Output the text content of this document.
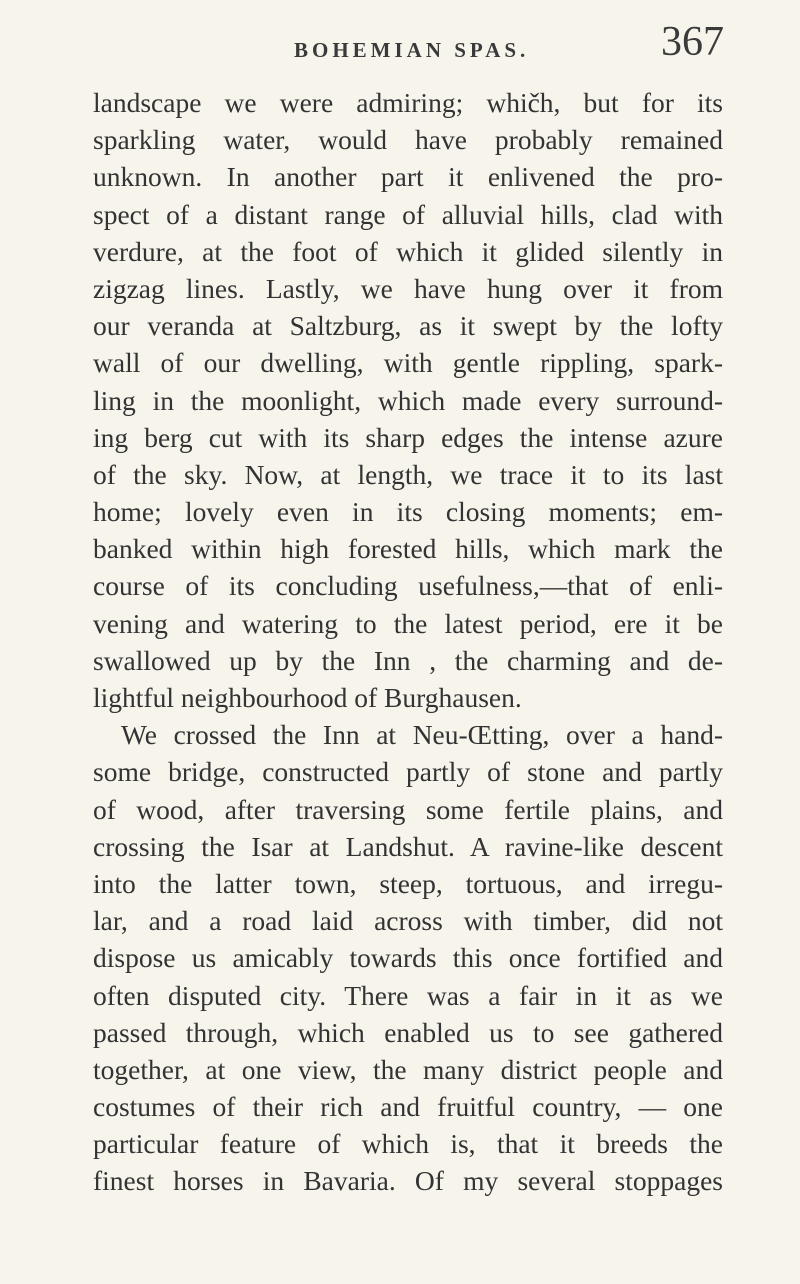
BOHEMIAN SPAS.	367
landscape we were admiring; whičh, but for its
sparkling water, would have probably remained
unknown. In another part it enlivened the pro-
spect of a distant range of alluvial hills, clad with
verdure, at the foot of which it glided silently in
zigzag lines. Lastly, we have hung over it from
our veranda at Saltzburg, as it swept by the lofty
wall of our dwelling, with gentle rippling, spark-
ling in the moonlight, which made every surround-
ing berg cut with its sharp edges the intense azure
of the sky. Now, at length, we trace it to its last
home; lovely even in its closing moments; em-
banked within high forested hills, which mark the
course of its concluding usefulness,—that of enli-
vening and watering to the latest period, ere it be
swallowed up by the Inn , the charming and de-
lightful neighbourhood of Burghausen.
We crossed the Inn at Neu-Œtting, over a hand-
some bridge, constructed partly of stone and partly
of wood, after traversing some fertile plains, and
crossing the Isar at Landshut. A ravine-like descent
into the latter town, steep, tortuous, and irregu-
lar, and a road laid across with timber, did not
dispose us amicably towards this once fortified and
often disputed city. There was a fair in it as we
passed through, which enabled us to see gathered
together, at one view, the many district people and
costumes of their rich and fruitful country, — one
particular feature of which is, that it breeds the
finest horses in Bavaria. Of my several stoppages
